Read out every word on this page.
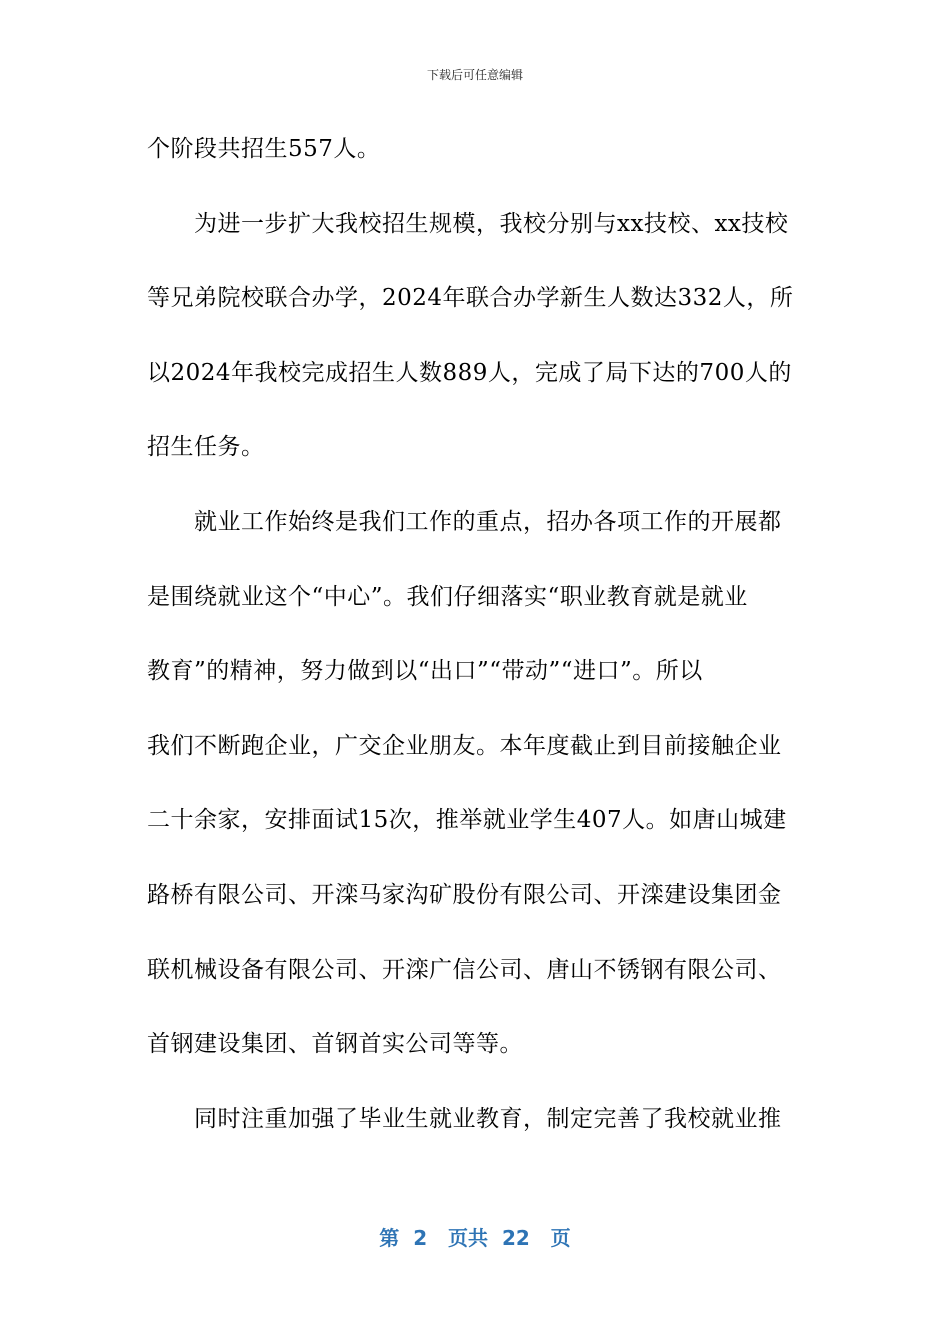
下载后可任意编辑
个阶段共招生557人。
　　为进一步扩大我校招生规模，我校分别与xx技校、xx技校
等兄弟院校联合办学，2024年联合办学新生人数达332人，所
以2024年我校完成招生人数889人，完成了局下达的700人的
招生任务。
　　就业工作始终是我们工作的重点，招办各项工作的开展都
是围绕就业这个“中心”。我们仔细落实“职业教育就是就业
教育”的精神，努力做到以“出口”“带动”“进口”。所以
我们不断跑企业，广交企业朋友。本年度截止到目前接触企业
二十余家，安排面试15次，推举就业学生407人。如唐山城建
路桥有限公司、开滦马家沟矿股份有限公司、开滦建设集团金
联机械设备有限公司、开滦广信公司、唐山不锈钢有限公司、
首钢建设集团、首钢首实公司等等。
　　同时注重加强了毕业生就业教育，制定完善了我校就业推
第  2   页共  22   页
